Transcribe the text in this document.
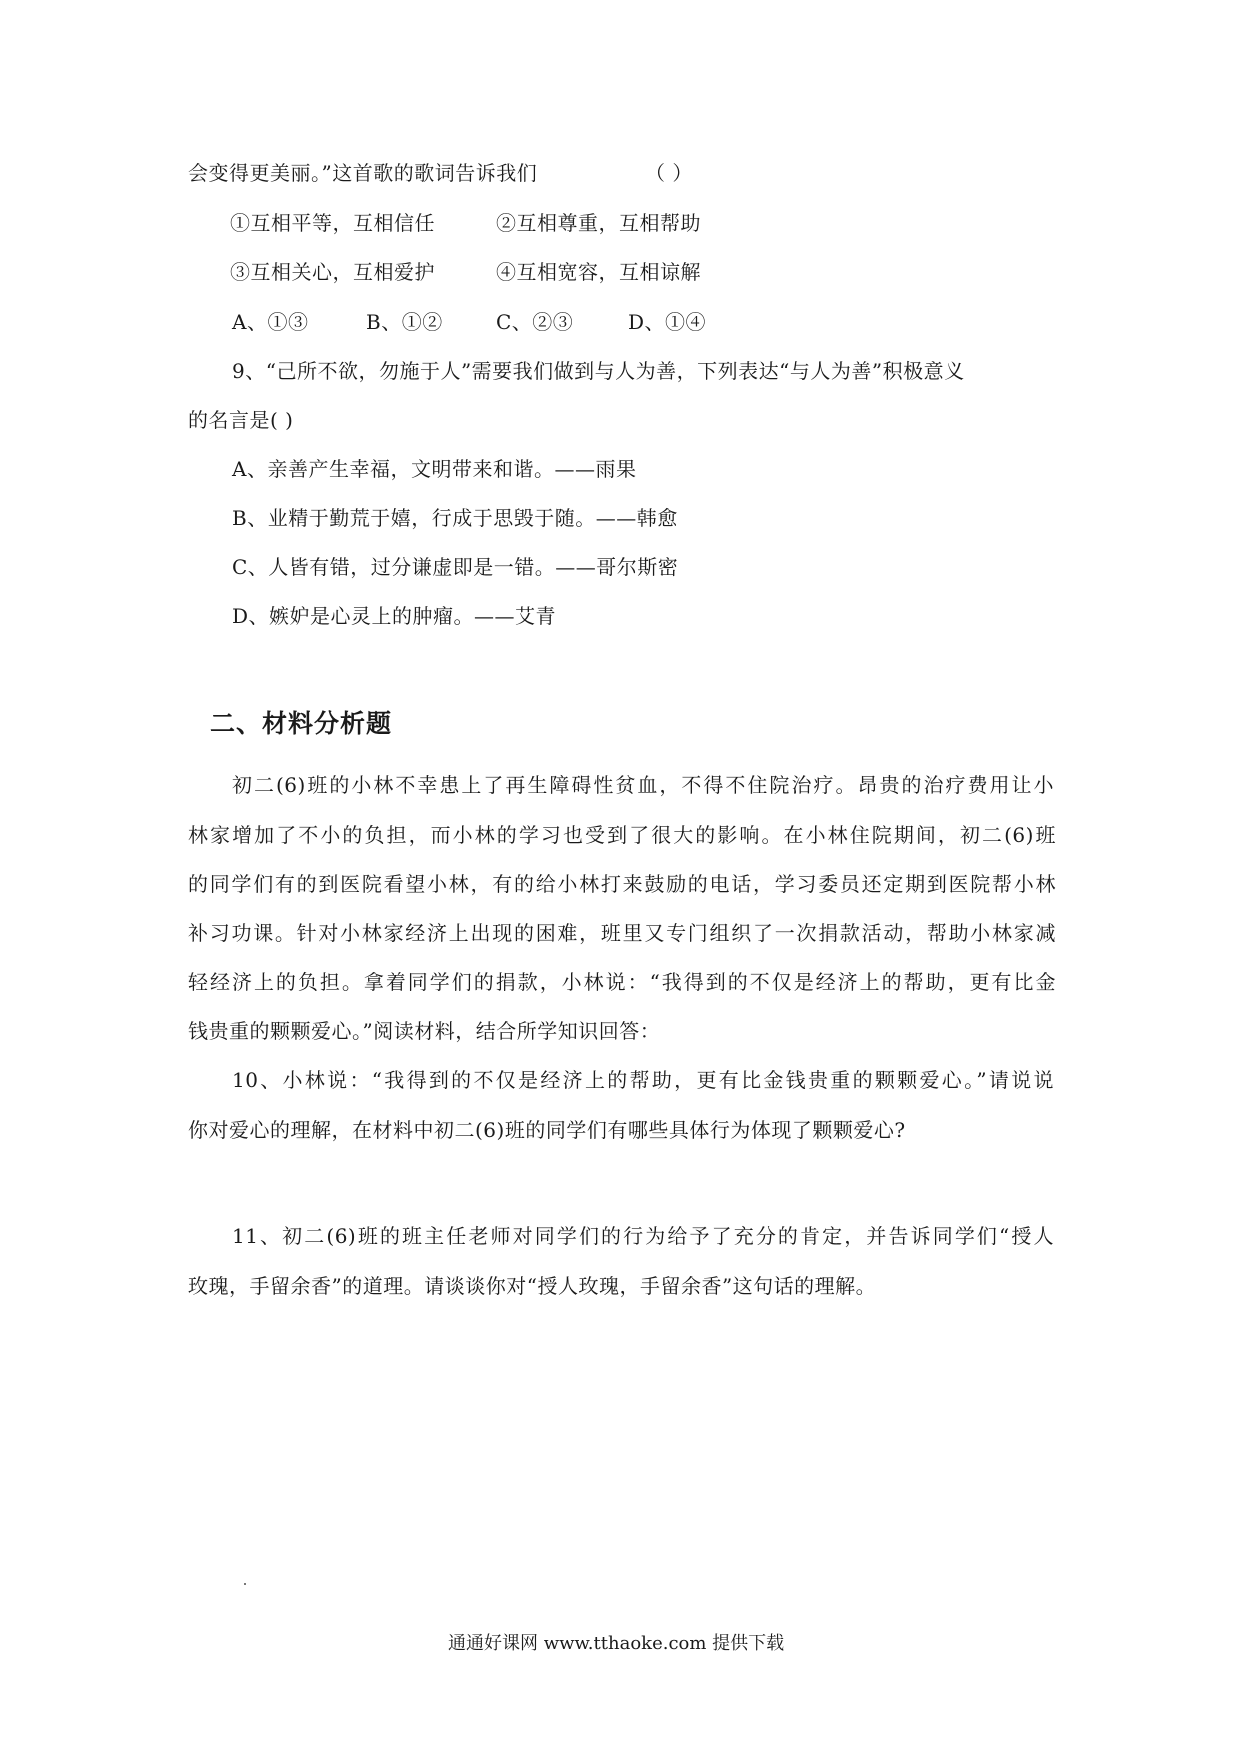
会变得更美丽。”这首歌的歌词告诉我们	（ ）
①互相平等，互相信任	②互相尊重，互相帮助
③互相关心，互相爱护	④互相宽容，互相谅解
A、①③	B、①②	C、②③	D、①④
9、“己所不欲，勿施于人”需要我们做到与人为善，下列表达“与人为善”积极意义
的名言是( )
A、亲善产生幸福，文明带来和谐。——雨果
B、业精于勤荒于嬉，行成于思毁于随。——韩愈
C、人皆有错，过分谦虚即是一错。——哥尔斯密
D、嫉妒是心灵上的肿瘤。——艾青
二、材料分析题
初二(6)班的小林不幸患上了再生障碍性贫血，不得不住院治疗。昂贵的治疗费用让小
林家增加了不小的负担，而小林的学习也受到了很大的影响。在小林住院期间，初二(6)班
的同学们有的到医院看望小林，有的给小林打来鼓励的电话，学习委员还定期到医院帮小林
补习功课。针对小林家经济上出现的困难，班里又专门组织了一次捐款活动，帮助小林家减
轻经济上的负担。拿着同学们的捐款，小林说：“我得到的不仅是经济上的帮助，更有比金
钱贵重的颗颗爱心。”阅读材料，结合所学知识回答：
10、小林说：“我得到的不仅是经济上的帮助，更有比金钱贵重的颗颗爱心。”请说说
你对爱心的理解，在材料中初二(6)班的同学们有哪些具体行为体现了颗颗爱心?
11、初二(6)班的班主任老师对同学们的行为给予了充分的肯定，并告诉同学们“授人
玫瑰，手留余香”的道理。请谈谈你对“授人玫瑰，手留余香”这句话的理解。
通通好课网 www.tthaoke.com 提供下载
